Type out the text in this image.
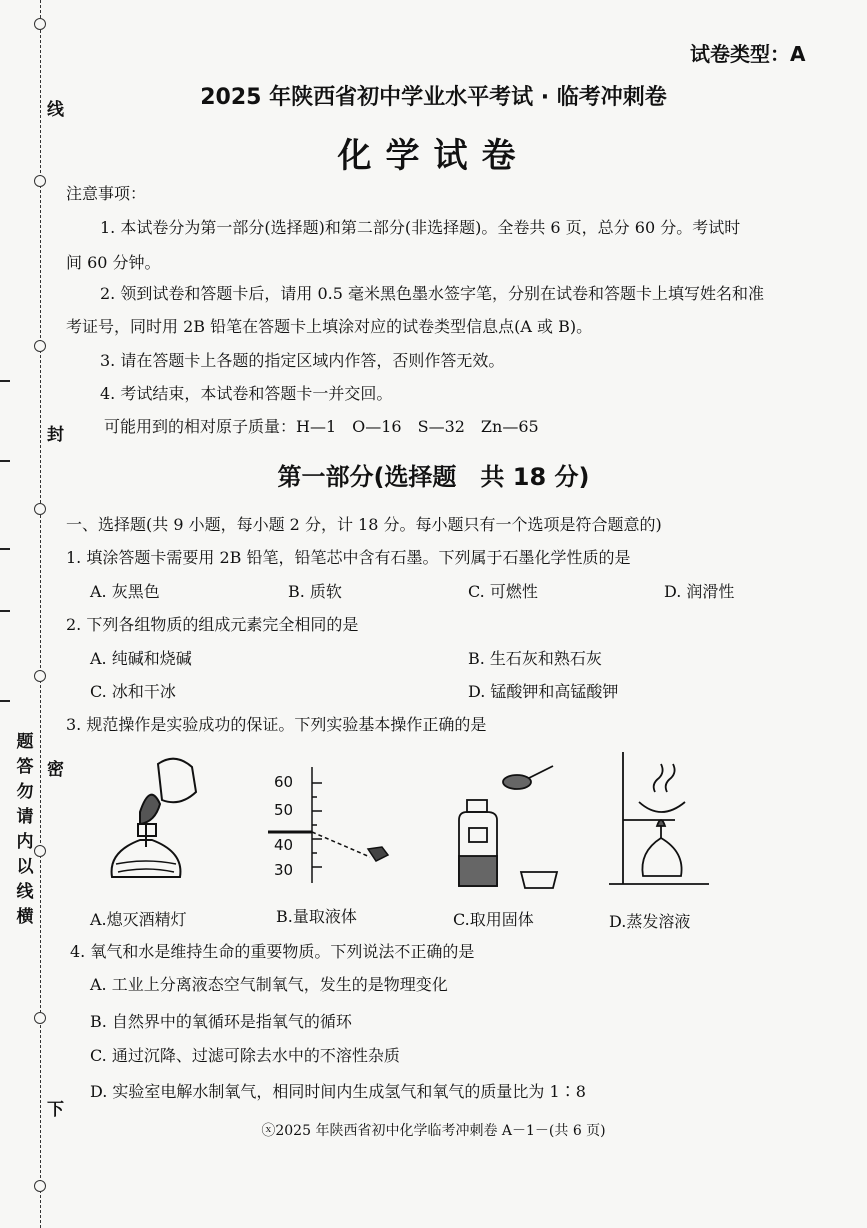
线
封
密
下
题
答
勿
请
内
以
线
横
试卷类型：A
2025 年陕西省初中学业水平考试 · 临考冲刺卷
化学试卷
注意事项：
1. 本试卷分为第一部分(选择题)和第二部分(非选择题)。全卷共 6 页，总分 60 分。考试时
间 60 分钟。
2. 领到试卷和答题卡后，请用 0.5 毫米黑色墨水签字笔，分别在试卷和答题卡上填写姓名和准
考证号，同时用 2B 铅笔在答题卡上填涂对应的试卷类型信息点(A 或 B)。
3. 请在答题卡上各题的指定区域内作答，否则作答无效。
4. 考试结束，本试卷和答题卡一并交回。
可能用到的相对原子质量：H—1　O—16　S—32　Zn—65
第一部分(选择题　共 18 分)
一、选择题(共 9 小题，每小题 2 分，计 18 分。每小题只有一个选项是符合题意的)
1. 填涂答题卡需要用 2B 铅笔，铅笔芯中含有石墨。下列属于石墨化学性质的是
A. 灰黑色	B. 质软	C. 可燃性	D. 润滑性
2. 下列各组物质的组成元素完全相同的是
A. 纯碱和烧碱	B. 生石灰和熟石灰
C. 冰和干冰	D. 锰酸钾和高锰酸钾
3. 规范操作是实验成功的保证。下列实验基本操作正确的是
A.熄灭酒精灯
60
50
40
30
B.量取液体	C.取用固体	D.蒸发溶液
4. 氧气和水是维持生命的重要物质。下列说法不正确的是
A. 工业上分离液态空气制氧气，发生的是物理变化
B. 自然界中的氧循环是指氧气的循环
C. 通过沉降、过滤可除去水中的不溶性杂质
D. 实验室电解水制氧气，相同时间内生成氢气和氧气的质量比为 1∶8
ⓧ2025 年陕西省初中化学临考冲刺卷 A－1－(共 6 页)
